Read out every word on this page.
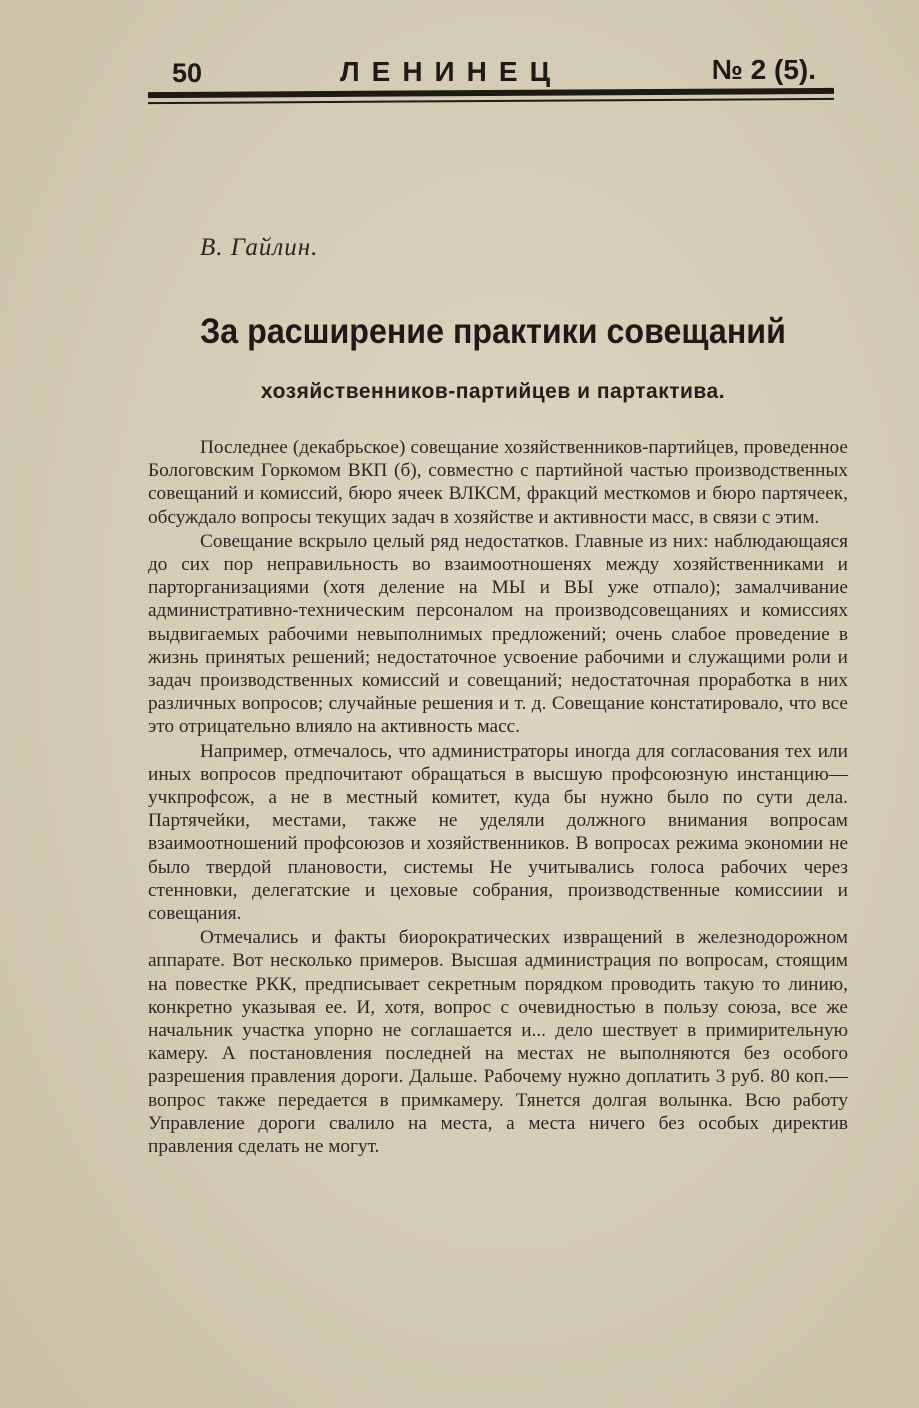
50	ЛЕНИНЕЦ	№ 2 (5).
В. Гайлин.
За расширение практики совещаний
хозяйственников-партийцев и партактива.

Последнее (декабрьское) совещание хозяйственников-партийцев, проведенное Бологовским Горкомом ВКП (б), совместно с партийной частью производственных совещаний и комиссий, бюро ячеек ВЛКСМ, фракций месткомов и бюро партячеек, обсуждало вопросы текущих задач в хозяйстве и активности масс, в связи с этим.

Совещание вскрыло целый ряд недостатков. Главные из них: наблюдающаяся до сих пор неправильность во взаимоотношенях между хозяйственниками и парторганизациями (хотя деление на МЫ и ВЫ уже отпало); замалчивание административно-техническим персоналом на производсовещаниях и комиссиях выдвигаемых рабочими невыполнимых предложений; очень слабое проведение в жизнь принятых решений; недостаточное усвоение рабочими и служащими роли и задач производственных комиссий и совещаний; недостаточная проработка в них различных вопросов; случайные решения и т. д. Совещание констатировало, что все это отрицательно влияло на активность масс.

Например, отмечалось, что администраторы иногда для согласования тех или иных вопросов предпочитают обращаться в высшую профсоюзную инстанцию—учкпрофсож, а не в местный комитет, куда бы нужно было по сути дела. Партячейки, местами, также не уделяли должного внимания вопросам взаимоотношений профсоюзов и хозяйственников. В вопросах режима экономии не было твердой плановости, системы Не учитывались голоса рабочих через стенновки, делегатские и цеховые собрания, производственные комиссиии и совещания.

Отмечались и факты биорократических извращений в железнодорожном аппарате. Вот несколько примеров. Высшая администрация по вопросам, стоящим на повестке РКК, предписывает секретным порядком проводить такую то линию, конкретно указывая ее. И, хотя, вопрос с очевидностью в пользу союза, все же начальник участка упорно не соглашается и... дело шествует в примирительную камеру. А постановления последней на местах не выполняются без особого разрешения правления дороги. Дальше. Рабочему нужно доплатить 3 руб. 80 коп.—вопрос также передается в примкамеру. Тянется долгая волынка. Всю работу Управление дороги свалило на места, а места ничего без особых директив правления сделать не могут.
